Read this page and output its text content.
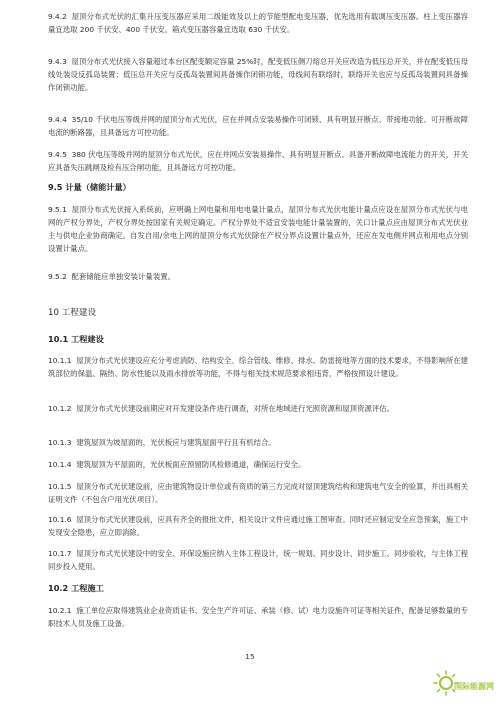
9.4.2 屋顶分布式光伏的汇集升压变压器应采用二级能效及以上的节能型配电变压器，优先选用有载调压变压器。柱上变压器容量宜选取 200 千伏安、400 千伏安。箱式变压器容量宜选取 630 千伏安。

9.4.3 屋顶分布式光伏接入容量超过本台区配变额定容量 25%时，配变低压侧刀熔总开关应改造为低压总开关，并在配变低压母线处装设反孤岛装置；低压总开关应与反孤岛装置间具备操作闭锁功能，母线间有联络时，联络开关也应与反孤岛装置间具备操作闭锁功能。

9.4.4 35/10 千伏电压等级并网的屋顶分布式光伏，应在并网点安装易操作可闭锁、具有明显开断点、带接地功能、可开断故障电流的断路器，且具备远方可控功能。

9.4.5 380 伏电压等级并网的屋顶分布式光伏，应在并网点安装易操作、具有明显开断点、具备开断故障电流能力的开关，开关应具备失压跳闸及检有压合闸功能，且具备远方可控功能。

9.5 计量（储能计量）

9.5.1 屋顶分布式光伏接入系统前，应明确上网电量和用电电量计量点，屋顶分布式光伏电能计量点应设在屋顶分布式光伏与电网的产权分界处，产权分界处按国家有关规定确定。产权分界处不适宜安装电能计量装置的，关口计量点应由屋顶分布式光伏业主与供电企业协商确定。自发自用/余电上网的屋顶分布式光伏除在产权分界点设置计量点外，还应在发电侧并网点和用电点分别设置计量点。

9.5.2 配套储能应单独安装计量装置。

10 工程建设
10.1 工程建设

10.1.1 屋顶分布式光伏建设应充分考虑消防、结构安全、综合管线、维修、排水、防雷接地等方面的技术要求，不得影响所在建筑部位的保温、隔热、防水性能以及雨水排放等功能，不得与相关技术规范要求相违背，严格按照设计建设。

10.1.2 屋顶分布式光伏建设前期应对开发建设条件进行调查，对所在地域进行光照资源和屋顶资源评估。

10.1.3 建筑屋顶为坡屋面的，光伏板应与建筑屋面平行且有机结合。

10.1.4 建筑屋顶为平屋面的，光伏板面应预留防风检修通道，确保运行安全。

10.1.5 屋顶分布式光伏建设前，应由建筑物设计单位或有资质的第三方完成对屋顶建筑结构和建筑电气安全的验算，并出具相关证明文件（不包含户用光伏项目）。

10.1.6 屋顶分布式光伏建设前，应具有齐全的报批文件，相关设计文件应通过施工图审查。同时还应制定安全应急预案，施工中发现安全隐患，应立即消除。

10.1.7 屋顶分布式光伏建设中的安全、环保设施应纳入主体工程设计，统一规划、同步设计、同步施工、同步验收，与主体工程同步投入使用。

10.2 工程施工

10.2.1 施工单位应取得建筑业企业资质证书、安全生产许可证、承装（修、试）电力设施许可证等相关证件，配备足够数量的专职技术人员及施工设备。

15
国际能源网
